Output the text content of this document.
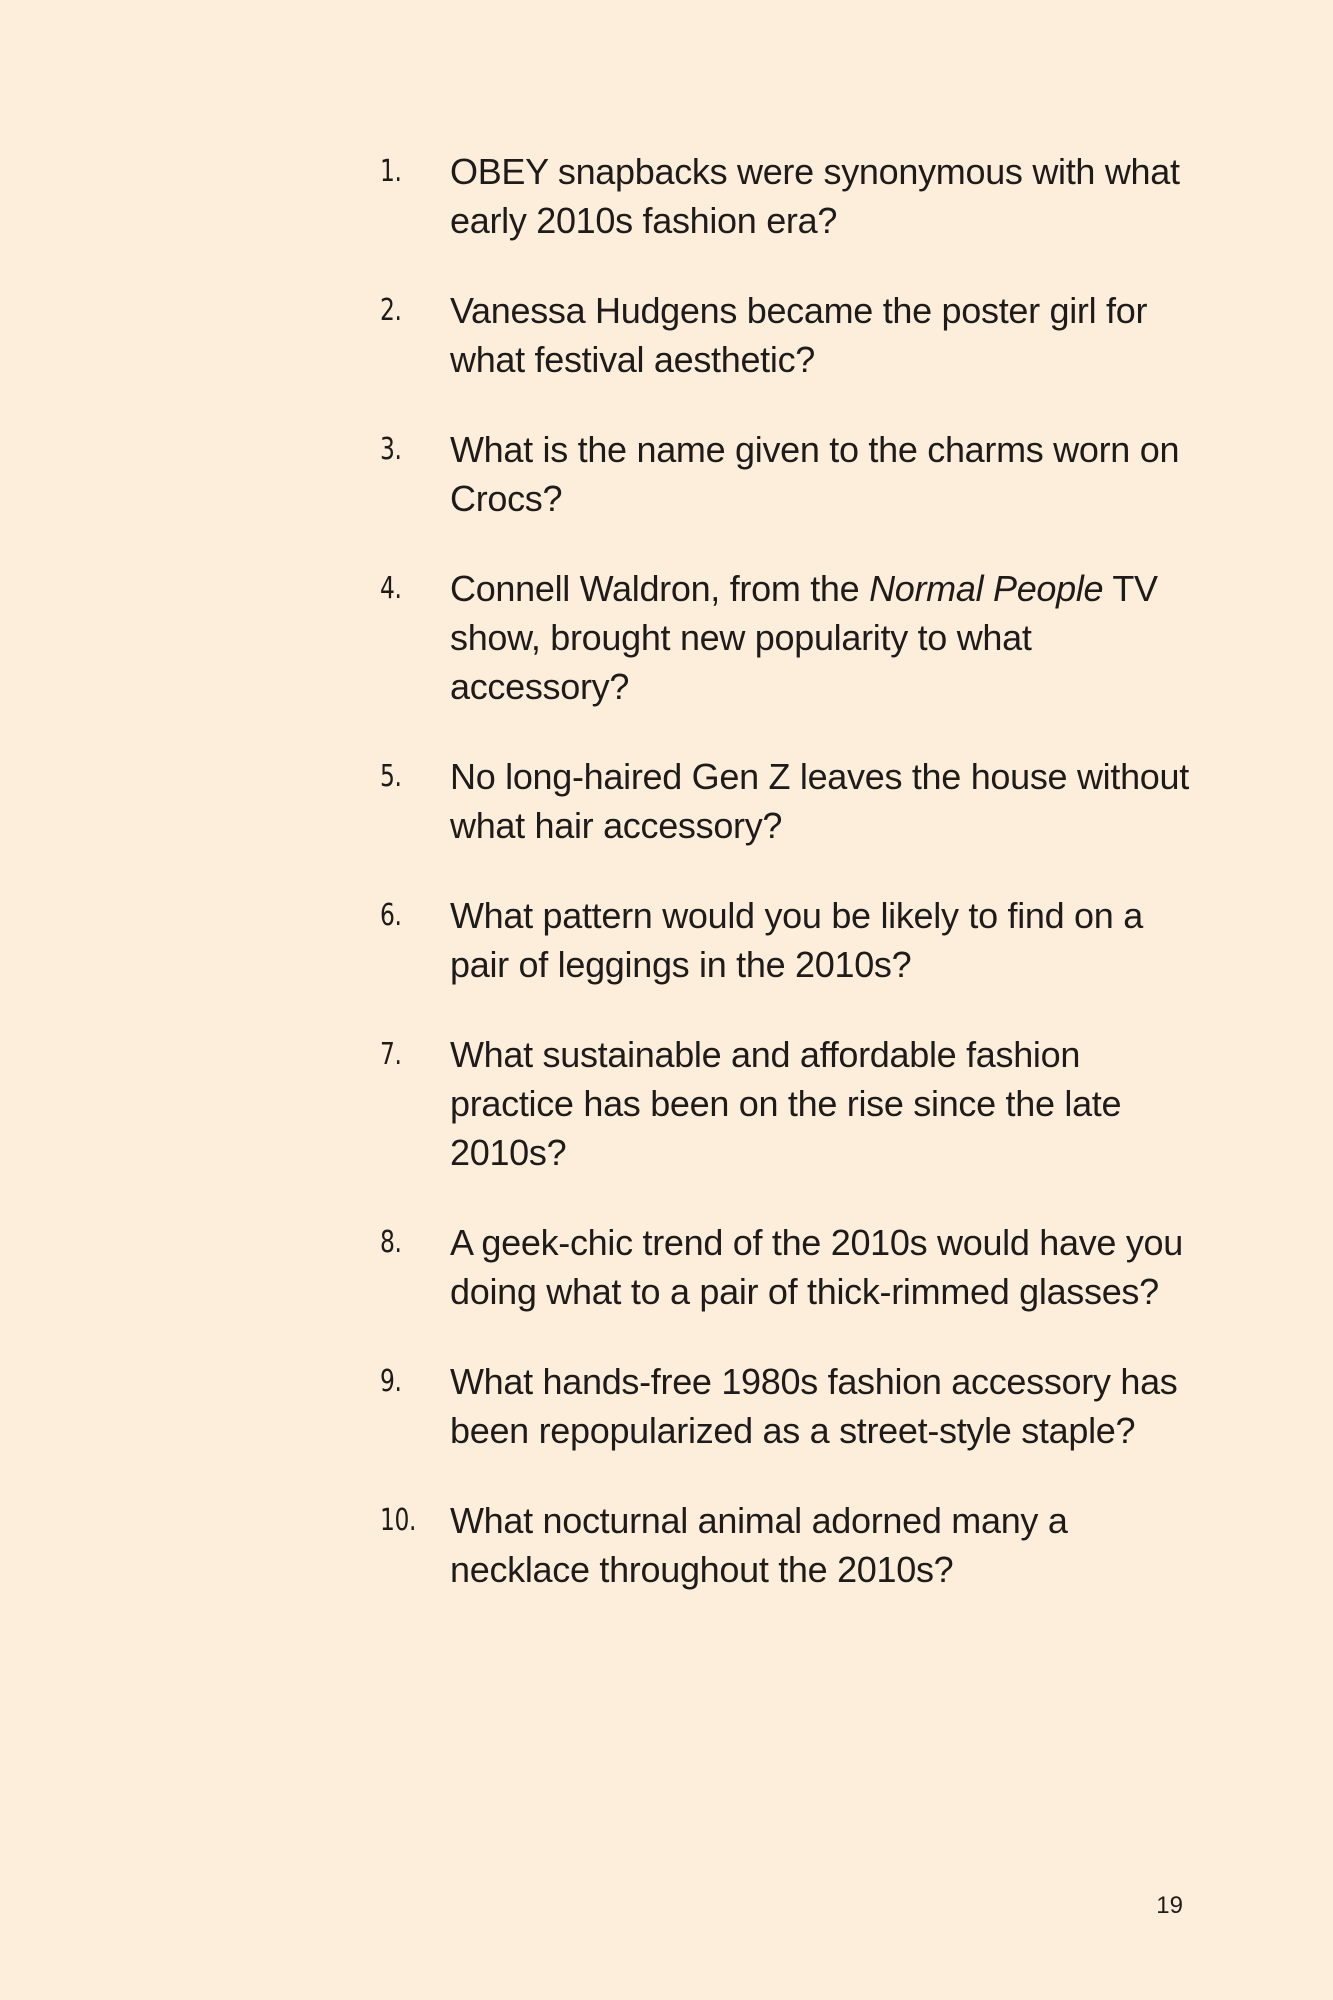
1. OBEY snapbacks were synonymous with what early 2010s fashion era?
2. Vanessa Hudgens became the poster girl for what festival aesthetic?
3. What is the name given to the charms worn on Crocs?
4. Connell Waldron, from the Normal People TV show, brought new popularity to what accessory?
5. No long-haired Gen Z leaves the house without what hair accessory?
6. What pattern would you be likely to find on a pair of leggings in the 2010s?
7. What sustainable and affordable fashion practice has been on the rise since the late 2010s?
8. A geek-chic trend of the 2010s would have you doing what to a pair of thick-rimmed glasses?
9. What hands-free 1980s fashion accessory has been repopularized as a street-style staple?
10. What nocturnal animal adorned many a necklace throughout the 2010s?
19
